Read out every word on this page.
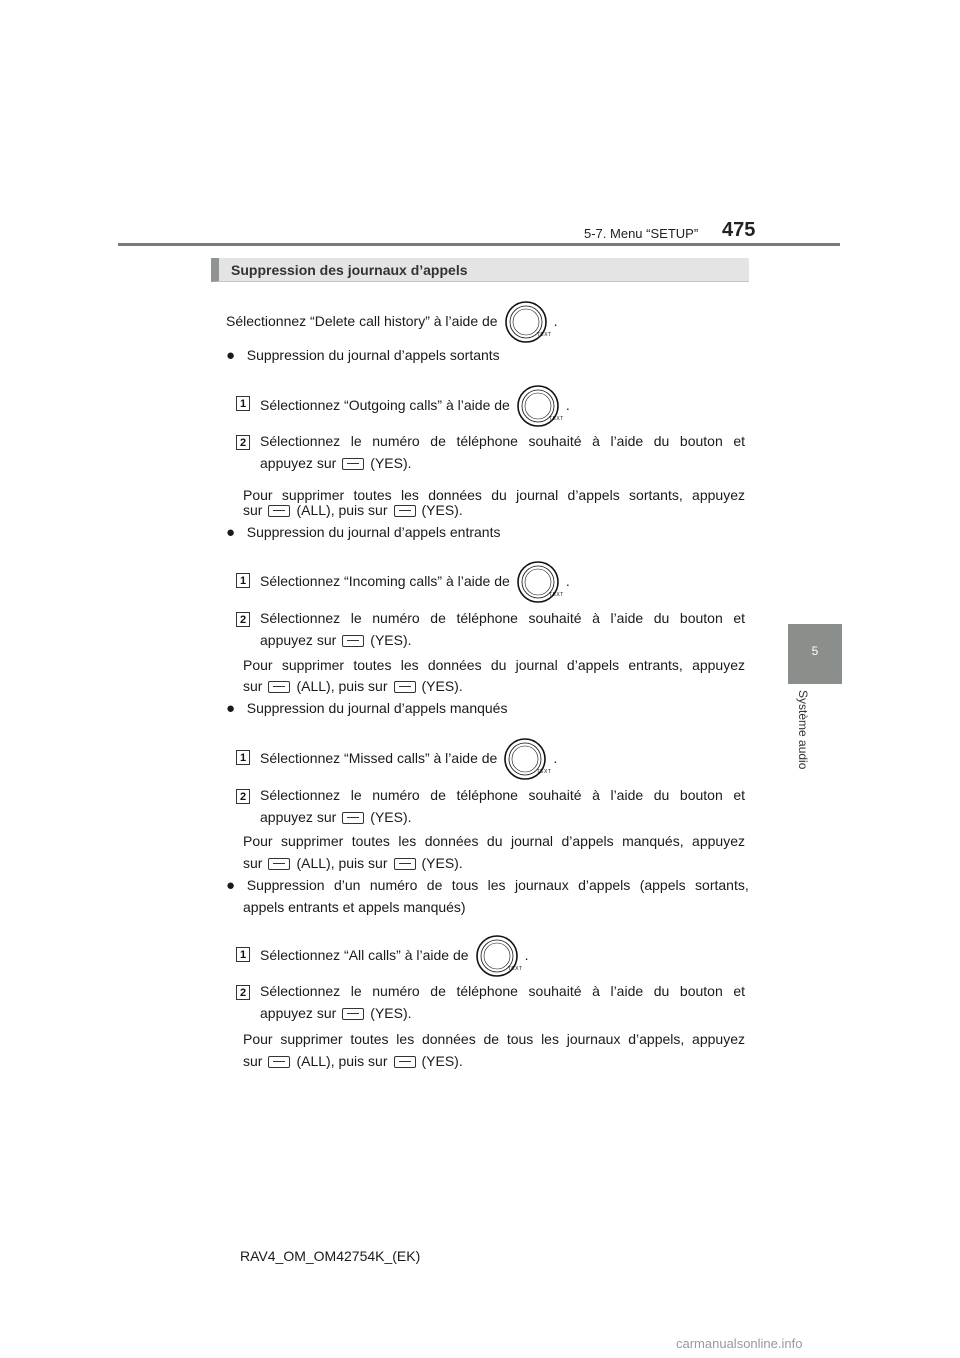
5-7. Menu “SETUP” 475
5
Système audio
Suppression des journaux d’appels
Sélectionnez “Delete call history” à l’aide de
TEXT
.
● Suppression du journal d’appels sortants
1 Sélectionnez “Outgoing calls” à l’aide de
TEXT
.
2 Sélectionnez le numéro de téléphone souhaité à l’aide du bouton et
appuyez sur (YES).
Pour supprimer toutes les données du journal d’appels sortants, appuyez
sur (ALL), puis sur (YES).
● Suppression du journal d’appels entrants
1 Sélectionnez “Incoming calls” à l’aide de
TEXT
.
2 Sélectionnez le numéro de téléphone souhaité à l’aide du bouton et
appuyez sur (YES).
Pour supprimer toutes les données du journal d’appels entrants, appuyez
sur (ALL), puis sur (YES).
● Suppression du journal d’appels manqués
1 Sélectionnez “Missed calls” à l’aide de
TEXT
.
2 Sélectionnez le numéro de téléphone souhaité à l’aide du bouton et
appuyez sur (YES).
Pour supprimer toutes les données du journal d’appels manqués, appuyez
sur (ALL), puis sur (YES).
● Suppression d’un numéro de tous les journaux d’appels (appels sortants,
appels entrants et appels manqués)
1 Sélectionnez “All calls” à l’aide de
TEXT
.
2 Sélectionnez le numéro de téléphone souhaité à l’aide du bouton et
appuyez sur (YES).
Pour supprimer toutes les données de tous les journaux d’appels, appuyez
sur (ALL), puis sur (YES).
RAV4_OM_OM42754K_(EK)
carmanualsonline.info
